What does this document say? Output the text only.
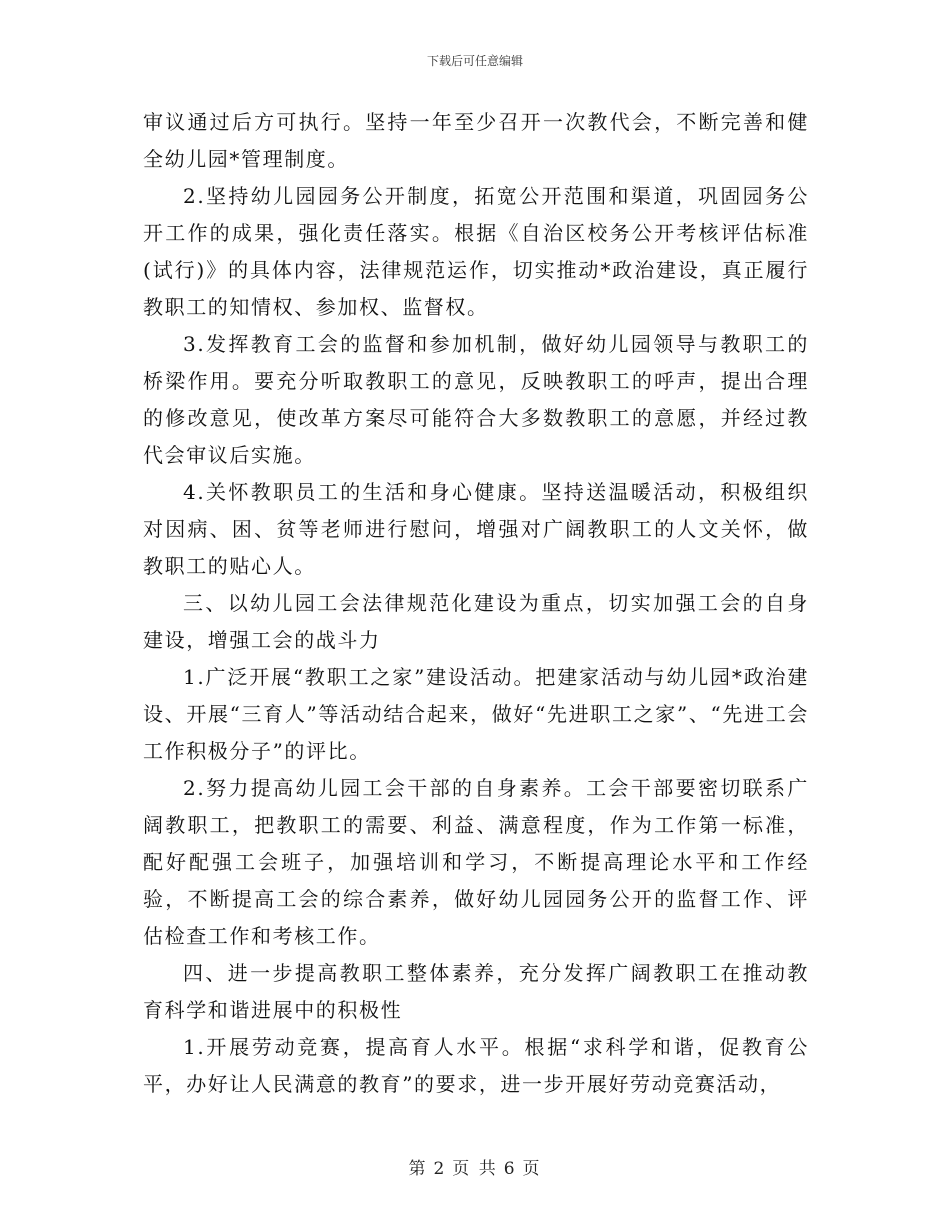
下载后可任意编辑

审议通过后方可执行。坚持一年至少召开一次教代会，不断完善和健全幼儿园*管理制度。

2.坚持幼儿园园务公开制度，拓宽公开范围和渠道，巩固园务公开工作的成果，强化责任落实。根据《自治区校务公开考核评估标准(试行)》的具体内容，法律规范运作，切实推动*政治建设，真正履行教职工的知情权、参加权、监督权。

3.发挥教育工会的监督和参加机制，做好幼儿园领导与教职工的桥梁作用。要充分听取教职工的意见，反映教职工的呼声，提出合理的修改意见，使改革方案尽可能符合大多数教职工的意愿，并经过教代会审议后实施。

4.关怀教职员工的生活和身心健康。坚持送温暖活动，积极组织对因病、困、贫等老师进行慰问，增强对广阔教职工的人文关怀，做教职工的贴心人。

三、以幼儿园工会法律规范化建设为重点，切实加强工会的自身建设，增强工会的战斗力

1.广泛开展“教职工之家”建设活动。把建家活动与幼儿园*政治建设、开展“三育人”等活动结合起来，做好“先进职工之家”、“先进工会工作积极分子”的评比。

2.努力提高幼儿园工会干部的自身素养。工会干部要密切联系广阔教职工，把教职工的需要、利益、满意程度，作为工作第一标准，配好配强工会班子，加强培训和学习，不断提高理论水平和工作经验，不断提高工会的综合素养，做好幼儿园园务公开的监督工作、评估检查工作和考核工作。

四、进一步提高教职工整体素养，充分发挥广阔教职工在推动教育科学和谐进展中的积极性

1.开展劳动竞赛，提高育人水平。根据“求科学和谐，促教育公平，办好让人民满意的教育”的要求，进一步开展好劳动竞赛活动，

第 2 页 共 6 页
